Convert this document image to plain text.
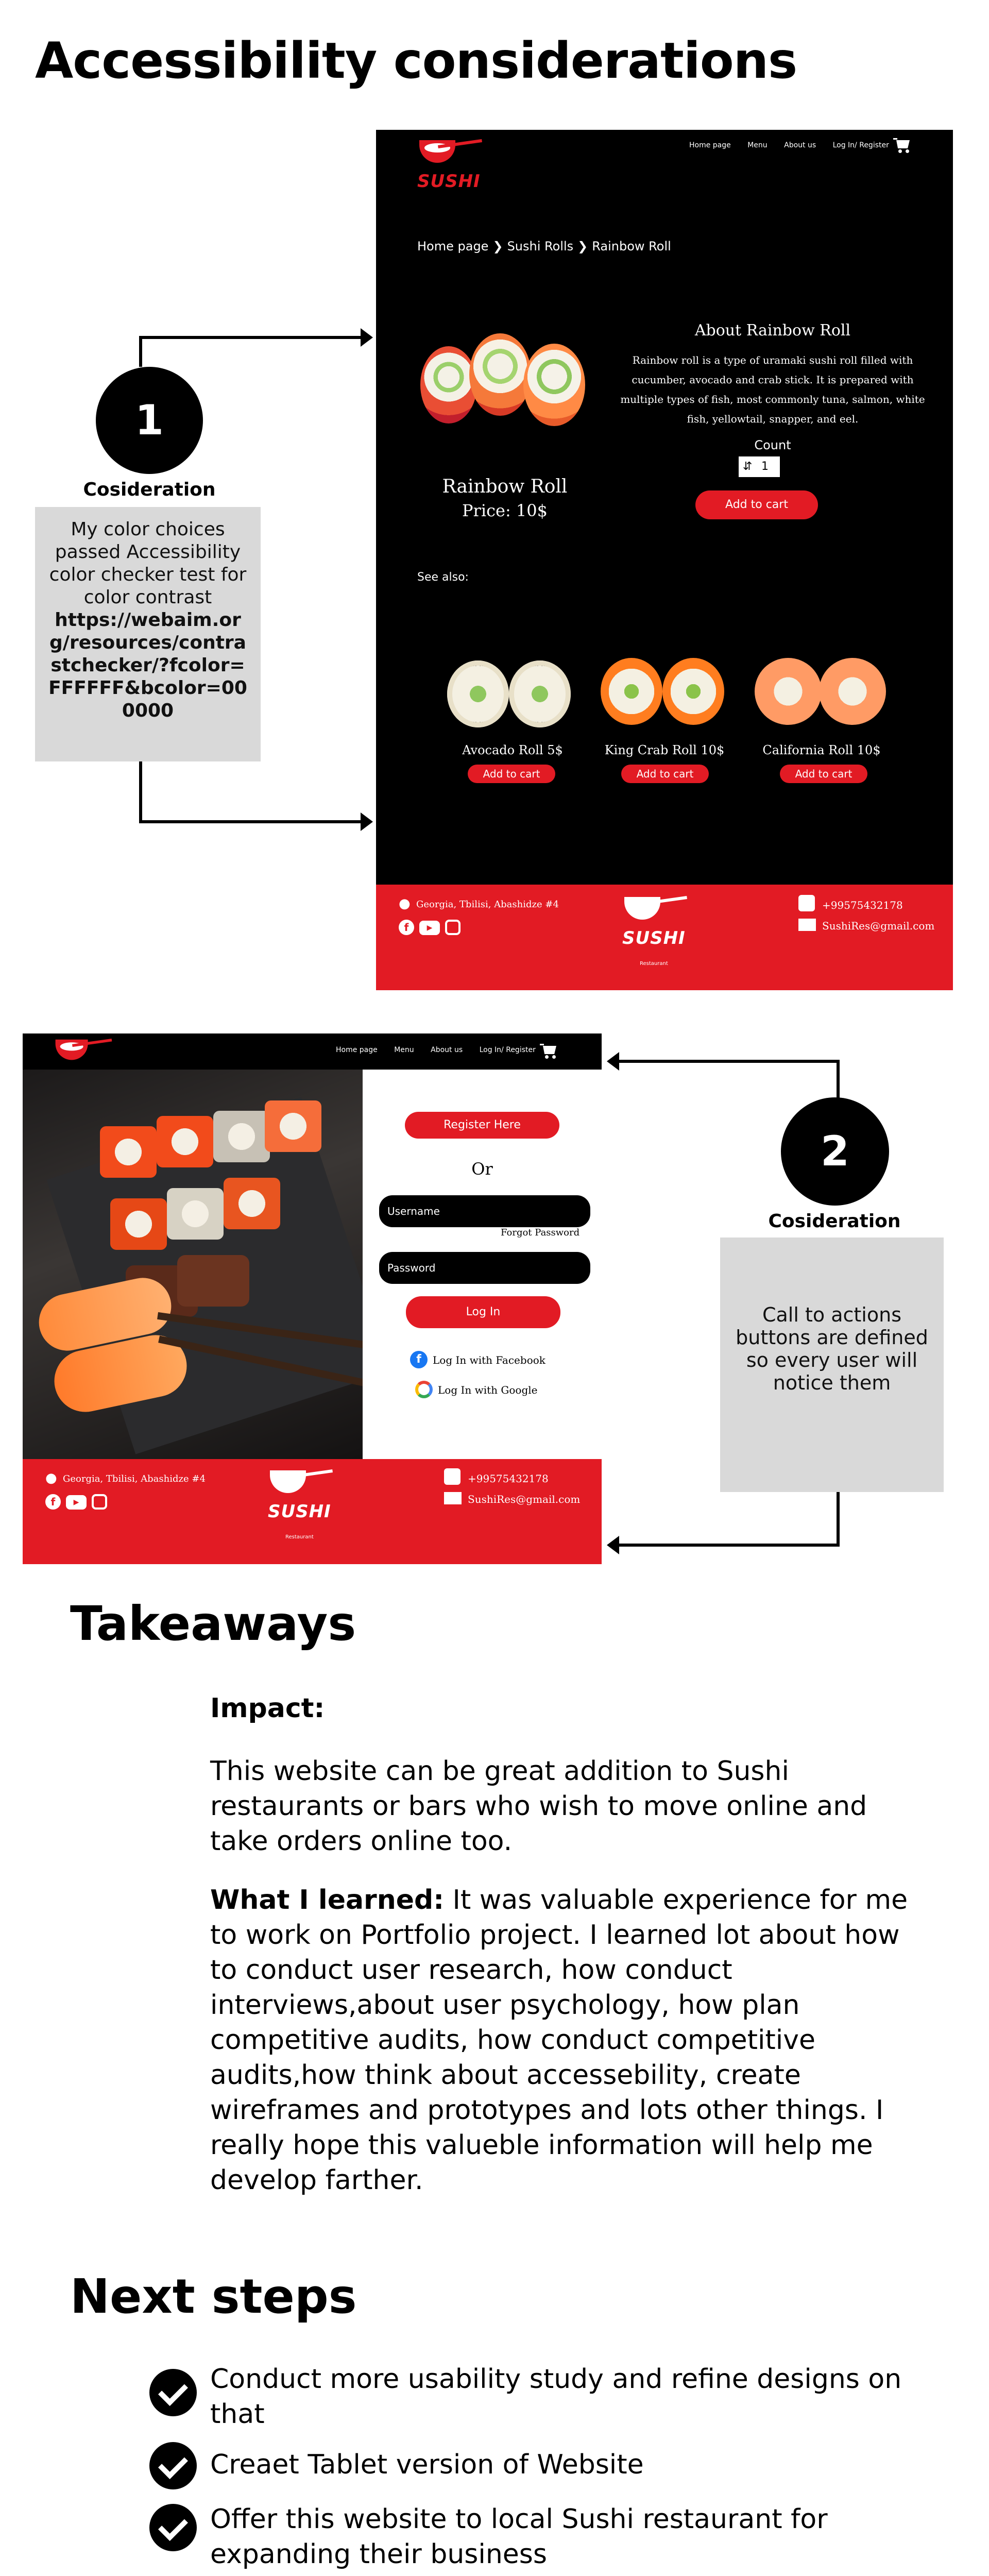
Accessibility considerations
SUSHI
Home page Menu About us Log In/ Register
Home page ❯ Sushi Rolls ❯ Rainbow Roll
Rainbow Roll
Price: 10$
About Rainbow Roll
Rainbow roll is a type of uramaki sushi roll filled with cucumber, avocado and crab stick. It is prepared with multiple types of fish, most commonly tuna, salmon, white fish, yellowtail, snapper, and eel.
Count
⇵ 1
Add to cart
See also:
Avocado Roll 5$
Add to cart
King Crab Roll 10$
Add to cart
California Roll 10$
Add to cart
● Georgia, Tbilisi, Abashidze #4
f	▶	SUSHI
Restaurant
+99575432178
SushiRes@gmail.com
1
Cosideration
My color choices passed Accessibility color checker test for color contrast
https://webaim.org/resources/contrastchecker/?fcolor=FFFFFF&bcolor=000000
Home page Menu About us Log In/ Register
Register Here
Or
Username
Forgot Password
Password
Log In
f	Log In with Facebook
Log In with Google
● Georgia, Tbilisi, Abashidze #4
f	▶	SUSHI
Restaurant
+99575432178
SushiRes@gmail.com
2
Cosideration
Call to actions buttons are defined so every user will notice them
Takeaways
Impact:
This website can be great addition to Sushi restaurants or bars who wish to move online and take orders online too.
What I learned: It was valuable experience for me to work on Portfolio project. I learned lot about how to conduct user research, how conduct interviews,about user psychology, how plan competitive audits, how conduct competitive audits,how think about accessebility, create wireframes and prototypes and lots other things. I really hope this valueble information will help me develop farther.
Next steps
Conduct more usability study and refine designs on that
Creaet Tablet version of Website
Offer this website to local Sushi restaurant for expanding their business
